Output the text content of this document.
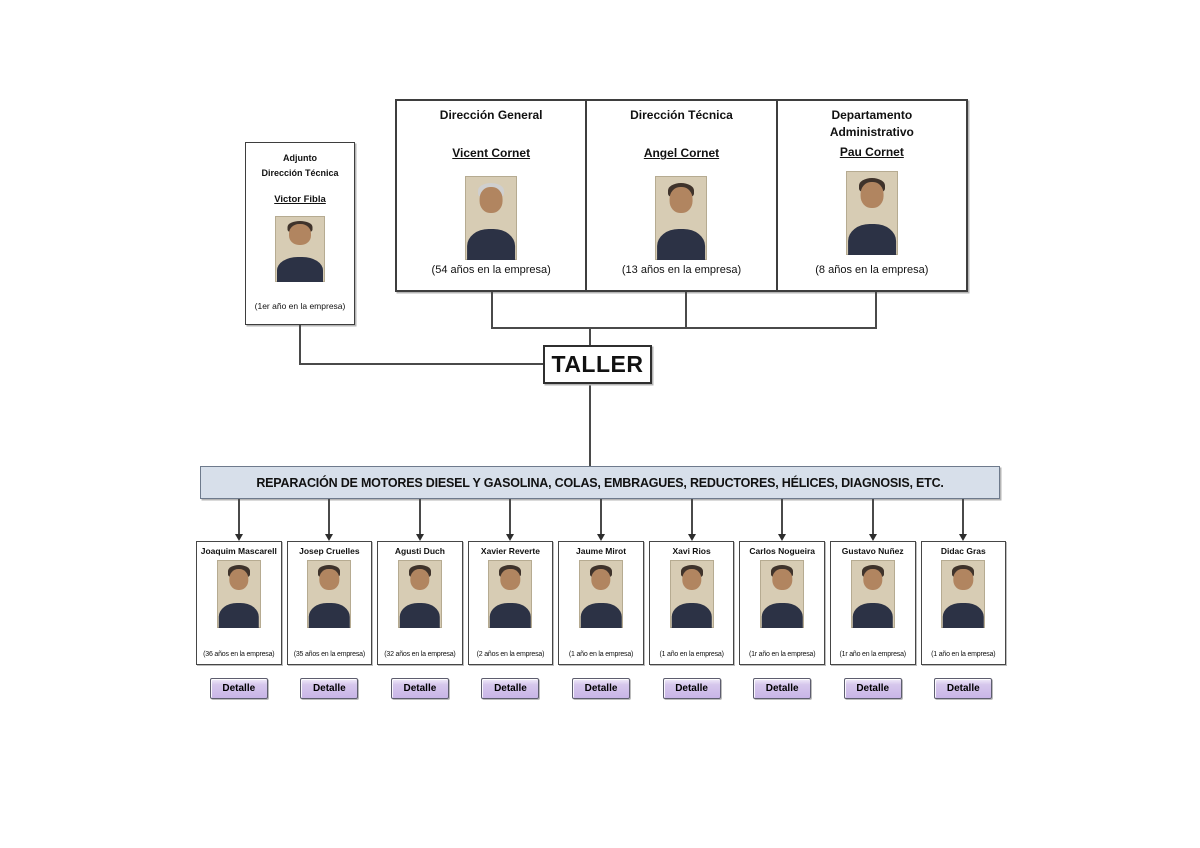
Adjunto
Dirección Técnica
Victor Fibla
(1er año en la empresa)
Dirección General
Vicent Cornet
(54 años en la empresa)
Dirección Técnica
Angel Cornet
(13 años en la empresa)
Departamento
Administrativo
Pau Cornet
(8 años en la empresa)
TALLER
REPARACIÓN DE MOTORES DIESEL Y GASOLINA, COLAS, EMBRAGUES, REDUCTORES, HÉLICES, DIAGNOSIS, ETC.
Joaquim Mascarell
(36 años en la empresa)
Detalle
Josep Cruelles
(35 años en la empresa)
Detalle
Agusti Duch
(32 años en la empresa)
Detalle
Xavier Reverte
(2 años en la empresa)
Detalle
Jaume Mirot
(1 año en la empresa)
Detalle
Xavi Rios
(1 año en la empresa)
Detalle
Carlos Nogueira
(1r año en la empresa)
Detalle
Gustavo Nuñez
(1r año en la empresa)
Detalle
Didac Gras
(1 año en la empresa)
Detalle
